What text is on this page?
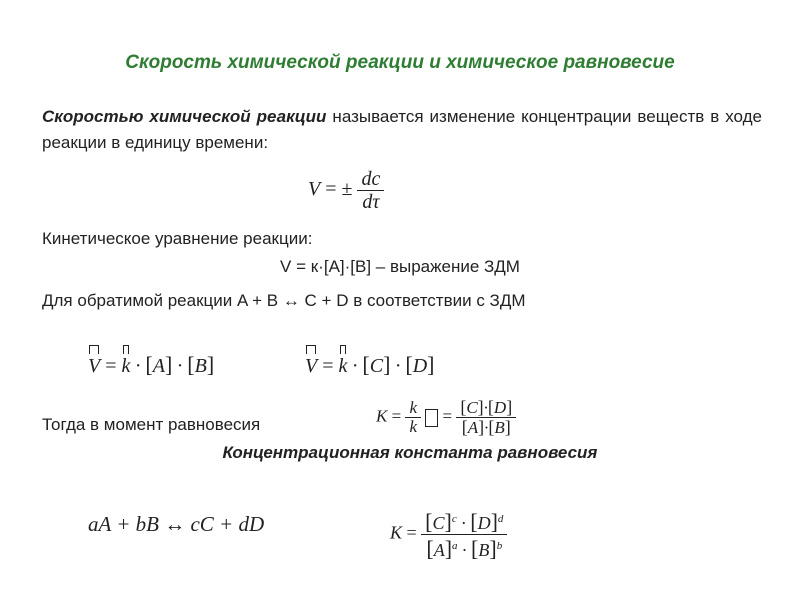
Скорость химической реакции и химическое равновесие
Скоростью химической реакции называется изменение концентрации веществ в ходе реакции в единицу времени:
V = ± $\frac{dc}{d\tau}$
Кинетическое уравнение реакции:
V = к·[A]·[B] – выражение ЗДМ
Для обратимой реакции A + B ↔ C + D в соответствии с ЗДМ
V = k · [A] · [B]	V = k · [C] · [D]
Тогда в момент равновесия	$K = \frac{k}{k} = \frac{[C]\cdot[D]}{[A]\cdot[B]}$
Концентрационная константа равновесия
aA + bB ↔ cC + dD	$K = \frac{[C]^c \cdot [D]^d}{[A]^a \cdot [B]^b}$
